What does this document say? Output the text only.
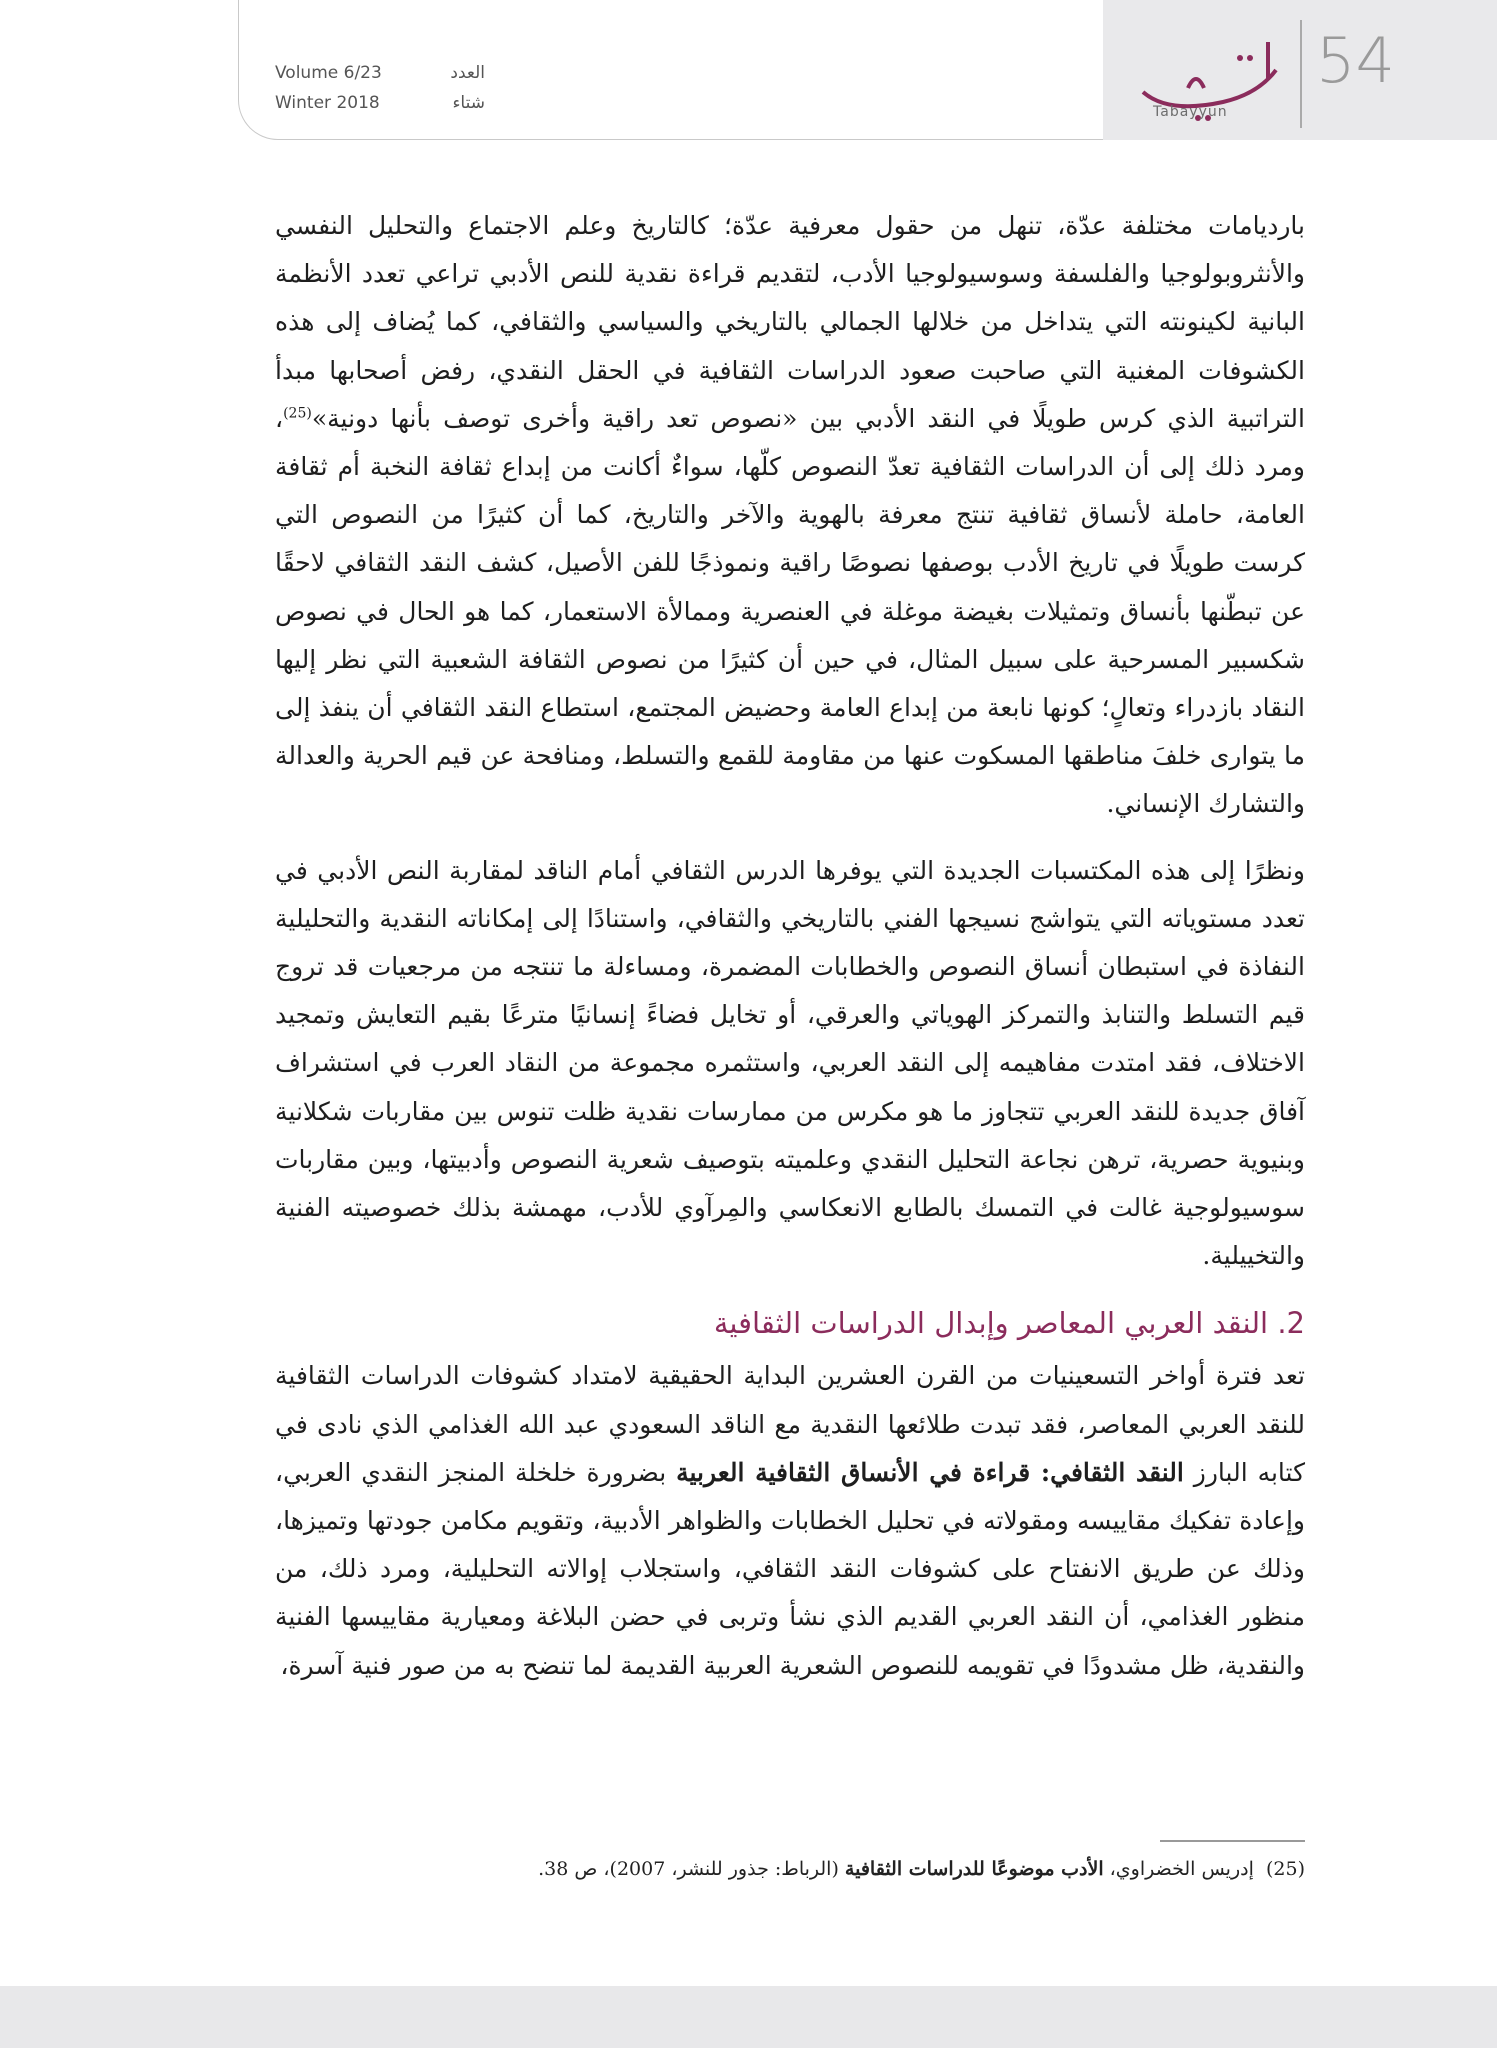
Volume 6/23	العدد
Winter 2018	شتاء	Tabayyun
54

بارديامات مختلفة عدّة، تنهل من حقول معرفية عدّة؛ كالتاريخ وعلم الاجتماع والتحليل النفسي والأنثروبولوجيا والفلسفة وسوسيولوجيا الأدب، لتقديم قراءة نقدية للنص الأدبي تراعي تعدد الأنظمة البانية لكينونته التي يتداخل من خلالها الجمالي بالتاريخي والسياسي والثقافي، كما يُضاف إلى هذه الكشوفات المغنية التي صاحبت صعود الدراسات الثقافية في الحقل النقدي، رفض أصحابها مبدأ التراتبية الذي كرس طويلًا في النقد الأدبي بين «نصوص تعد راقية وأخرى توصف بأنها دونية»$^{(25)}$، ومرد ذلك إلى أن الدراسات الثقافية تعدّ النصوص كلّها، سواءٌ أكانت من إبداع ثقافة النخبة أم ثقافة العامة، حاملة لأنساق ثقافية تنتج معرفة بالهوية والآخر والتاريخ، كما أن كثيرًا من النصوص التي كرست طويلًا في تاريخ الأدب بوصفها نصوصًا راقية ونموذجًا للفن الأصيل، كشف النقد الثقافي لاحقًا عن تبطّنها بأنساق وتمثيلات بغيضة موغلة في العنصرية وممالأة الاستعمار، كما هو الحال في نصوص شكسبير المسرحية على سبيل المثال، في حين أن كثيرًا من نصوص الثقافة الشعبية التي نظر إليها النقاد بازدراء وتعالٍ؛ كونها نابعة من إبداع العامة وحضيض المجتمع، استطاع النقد الثقافي أن ينفذ إلى ما يتوارى خلفَ مناطقها المسكوت عنها من مقاومة للقمع والتسلط، ومنافحة عن قيم الحرية والعدالة والتشارك الإنساني.

ونظرًا إلى هذه المكتسبات الجديدة التي يوفرها الدرس الثقافي أمام الناقد لمقاربة النص الأدبي في تعدد مستوياته التي يتواشج نسيجها الفني بالتاريخي والثقافي، واستنادًا إلى إمكاناته النقدية والتحليلية النفاذة في استبطان أنساق النصوص والخطابات المضمرة، ومساءلة ما تنتجه من مرجعيات قد تروج قيم التسلط والتنابذ والتمركز الهوياتي والعرقي، أو تخايل فضاءً إنسانيًا مترعًا بقيم التعايش وتمجيد الاختلاف، فقد امتدت مفاهيمه إلى النقد العربي، واستثمره مجموعة من النقاد العرب في استشراف آفاق جديدة للنقد العربي تتجاوز ما هو مكرس من ممارسات نقدية ظلت تنوس بين مقاربات شكلانية وبنيوية حصرية، ترهن نجاعة التحليل النقدي وعلميته بتوصيف شعرية النصوص وأدبيتها، وبين مقاربات سوسيولوجية غالت في التمسك بالطابع الانعكاسي والمِرآوي للأدب، مهمشة بذلك خصوصيته الفنية والتخييلية.

2. النقد العربي المعاصر وإبدال الدراسات الثقافية

تعد فترة أواخر التسعينيات من القرن العشرين البداية الحقيقية لامتداد كشوفات الدراسات الثقافية للنقد العربي المعاصر، فقد تبدت طلائعها النقدية مع الناقد السعودي عبد الله الغذامي الذي نادى في كتابه البارز النقد الثقافي: قراءة في الأنساق الثقافية العربية بضرورة خلخلة المنجز النقدي العربي، وإعادة تفكيك مقاييسه ومقولاته في تحليل الخطابات والظواهر الأدبية، وتقويم مكامن جودتها وتميزها، وذلك عن طريق الانفتاح على كشوفات النقد الثقافي، واستجلاب إوالاته التحليلية، ومرد ذلك، من منظور الغذامي، أن النقد العربي القديم الذي نشأ وتربى في حضن البلاغة ومعيارية مقاييسها الفنية والنقدية، ظل مشدودًا في تقويمه للنصوص الشعرية العربية القديمة لما تنضح به من صور فنية آسرة،

(25)  إدريس الخضراوي، الأدب موضوعًا للدراسات الثقافية (الرباط: جذور للنشر، 2007)، ص 38.
